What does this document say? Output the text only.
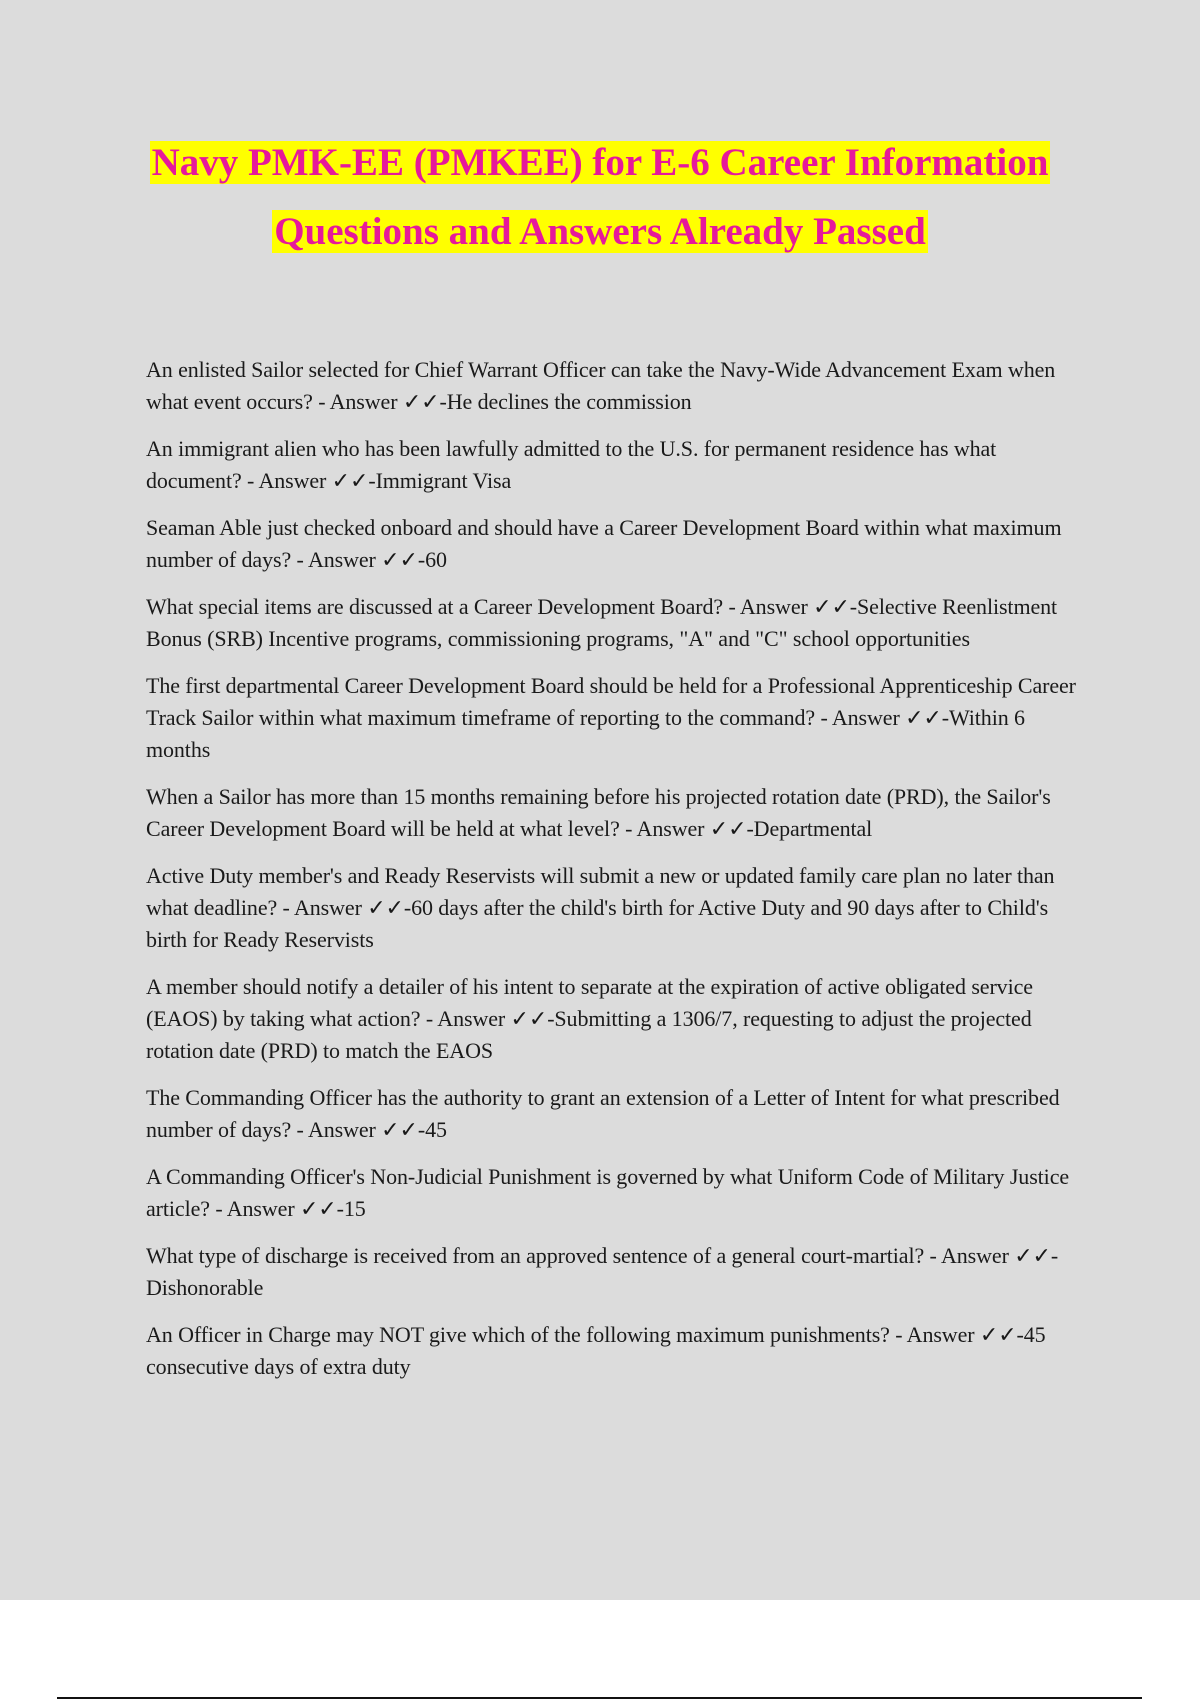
Navy PMK-EE (PMKEE) for E-6 Career Information
Questions and Answers Already Passed

An enlisted Sailor selected for Chief Warrant Officer can take the Navy-Wide Advancement Exam when what event occurs? - Answer ✓✓-He declines the commission

An immigrant alien who has been lawfully admitted to the U.S. for permanent residence has what document? - Answer ✓✓-Immigrant Visa

Seaman Able just checked onboard and should have a Career Development Board within what maximum number of days? - Answer ✓✓-60

What special items are discussed at a Career Development Board? - Answer ✓✓-Selective Reenlistment Bonus (SRB) Incentive programs, commissioning programs, "A" and "C" school opportunities

The first departmental Career Development Board should be held for a Professional Apprenticeship Career Track Sailor within what maximum timeframe of reporting to the command? - Answer ✓✓-Within 6 months

When a Sailor has more than 15 months remaining before his projected rotation date (PRD), the Sailor's Career Development Board will be held at what level? - Answer ✓✓-Departmental

Active Duty member's and Ready Reservists will submit a new or updated family care plan no later than what deadline? - Answer ✓✓-60 days after the child's birth for Active Duty and 90 days after to Child's birth for Ready Reservists

A member should notify a detailer of his intent to separate at the expiration of active obligated service (EAOS) by taking what action? - Answer ✓✓-Submitting a 1306/7, requesting to adjust the projected rotation date (PRD) to match the EAOS

The Commanding Officer has the authority to grant an extension of a Letter of Intent for what prescribed number of days? - Answer ✓✓-45

A Commanding Officer's Non-Judicial Punishment is governed by what Uniform Code of Military Justice article? - Answer ✓✓-15

What type of discharge is received from an approved sentence of a general court-martial? - Answer ✓✓-Dishonorable

An Officer in Charge may NOT give which of the following maximum punishments? - Answer ✓✓-45 consecutive days of extra duty
